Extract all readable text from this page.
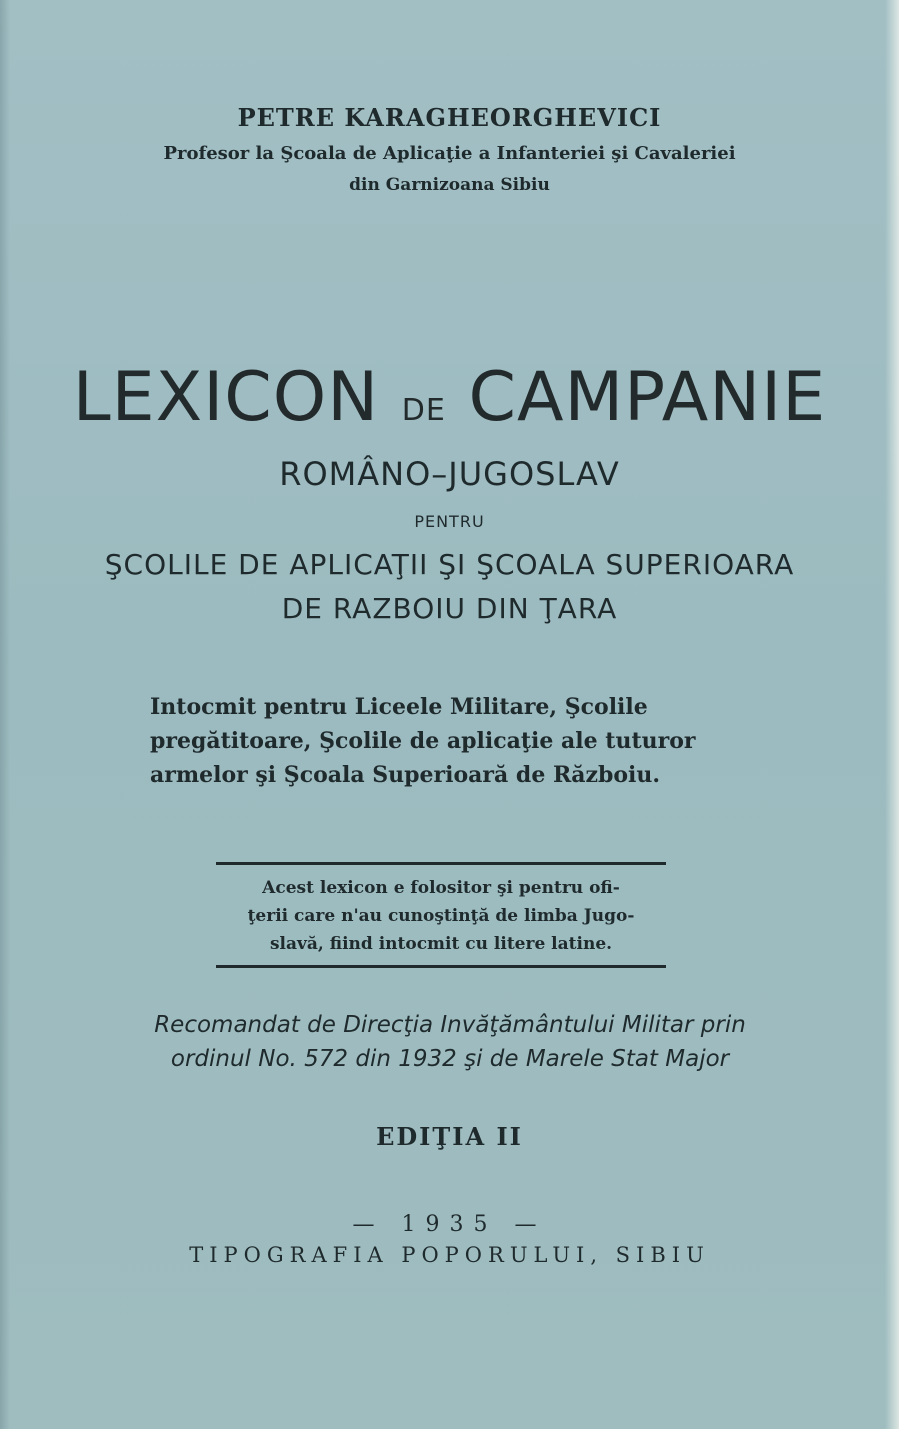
PETRE KARAGHEORGHEVICI

Profesor la Şcoala de Aplicaţie a Infanteriei şi Cavaleriei

din Garnizoana Sibiu

LEXICON DE CAMPANIE

ROMÂNO–JUGOSLAV

PENTRU

ŞCOLILE DE APLICAŢII ŞI ŞCOALA SUPERIOARA

DE RAZBOIU DIN ŢARA

Intocmit pentru Liceele Militare, Şcolile
pregătitoare, Şcolile de aplicaţie ale tuturor
armelor şi Şcoala Superioară de Războiu.
Acest lexicon e folositor şi pentru ofi-
ţerii care n'au cunoştinţă de limba Jugo-
slavă, fiind intocmit cu litere latine.
Recomandat de Direcţia Invăţământului Militar prin
ordinul No. 572 din 1932 şi de Marele Stat Major

EDIŢIA II

— 1935 —

TIPOGRAFIA POPORULUI, SIBIU
